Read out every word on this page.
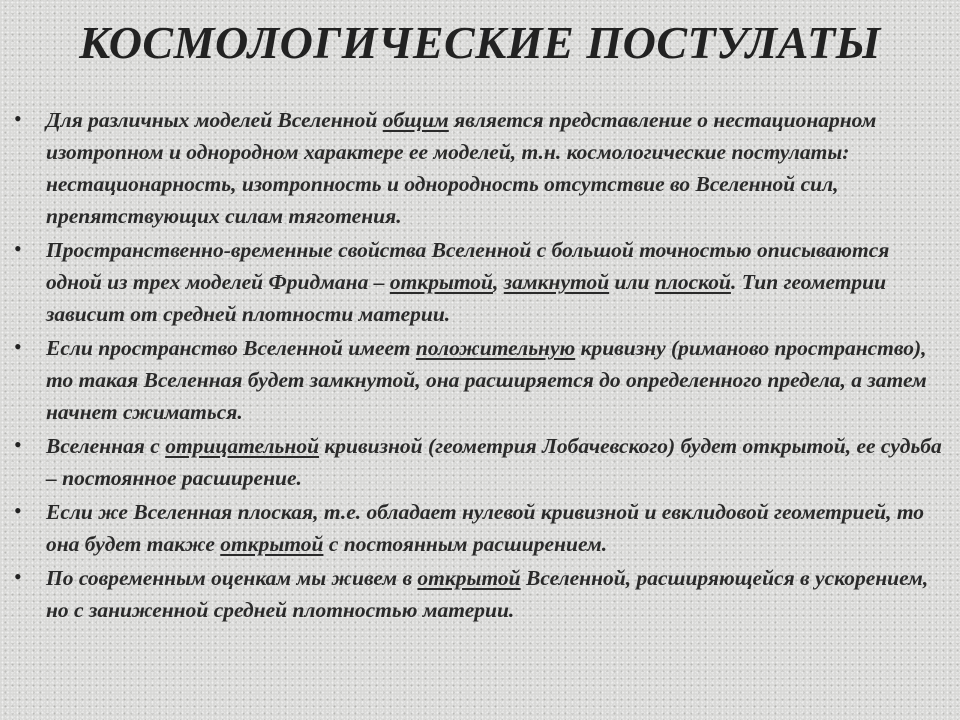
КОСМОЛОГИЧЕСКИЕ ПОСТУЛАТЫ
• Для различных моделей Вселенной общим является представление о нестационарном изотропном и однородном характере ее моделей, т.н. космологические постулаты: нестационарность, изотропность и однородность отсутствие во Вселенной сил, препятствующих силам тяготения.
• Пространственно-временные свойства Вселенной с большой точностью описываются одной из трех моделей Фридмана – открытой, замкнутой или плоской. Тип геометрии зависит от средней плотности материи.
• Если пространство Вселенной имеет положительную кривизну (риманово пространство), то такая Вселенная будет замкнутой, она расширяется до определенного предела, а затем начнет сжиматься.
• Вселенная с отрицательной кривизной (геометрия Лобачевского) будет открытой, ее судьба – постоянное расширение.
• Если же Вселенная плоская, т.е. обладает нулевой кривизной и евклидовой геометрией, то она будет также открытой с постоянным расширением.
• По современным оценкам мы живем в открытой Вселенной, расширяющейся в ускорением, но с заниженной средней плотностью материи.
